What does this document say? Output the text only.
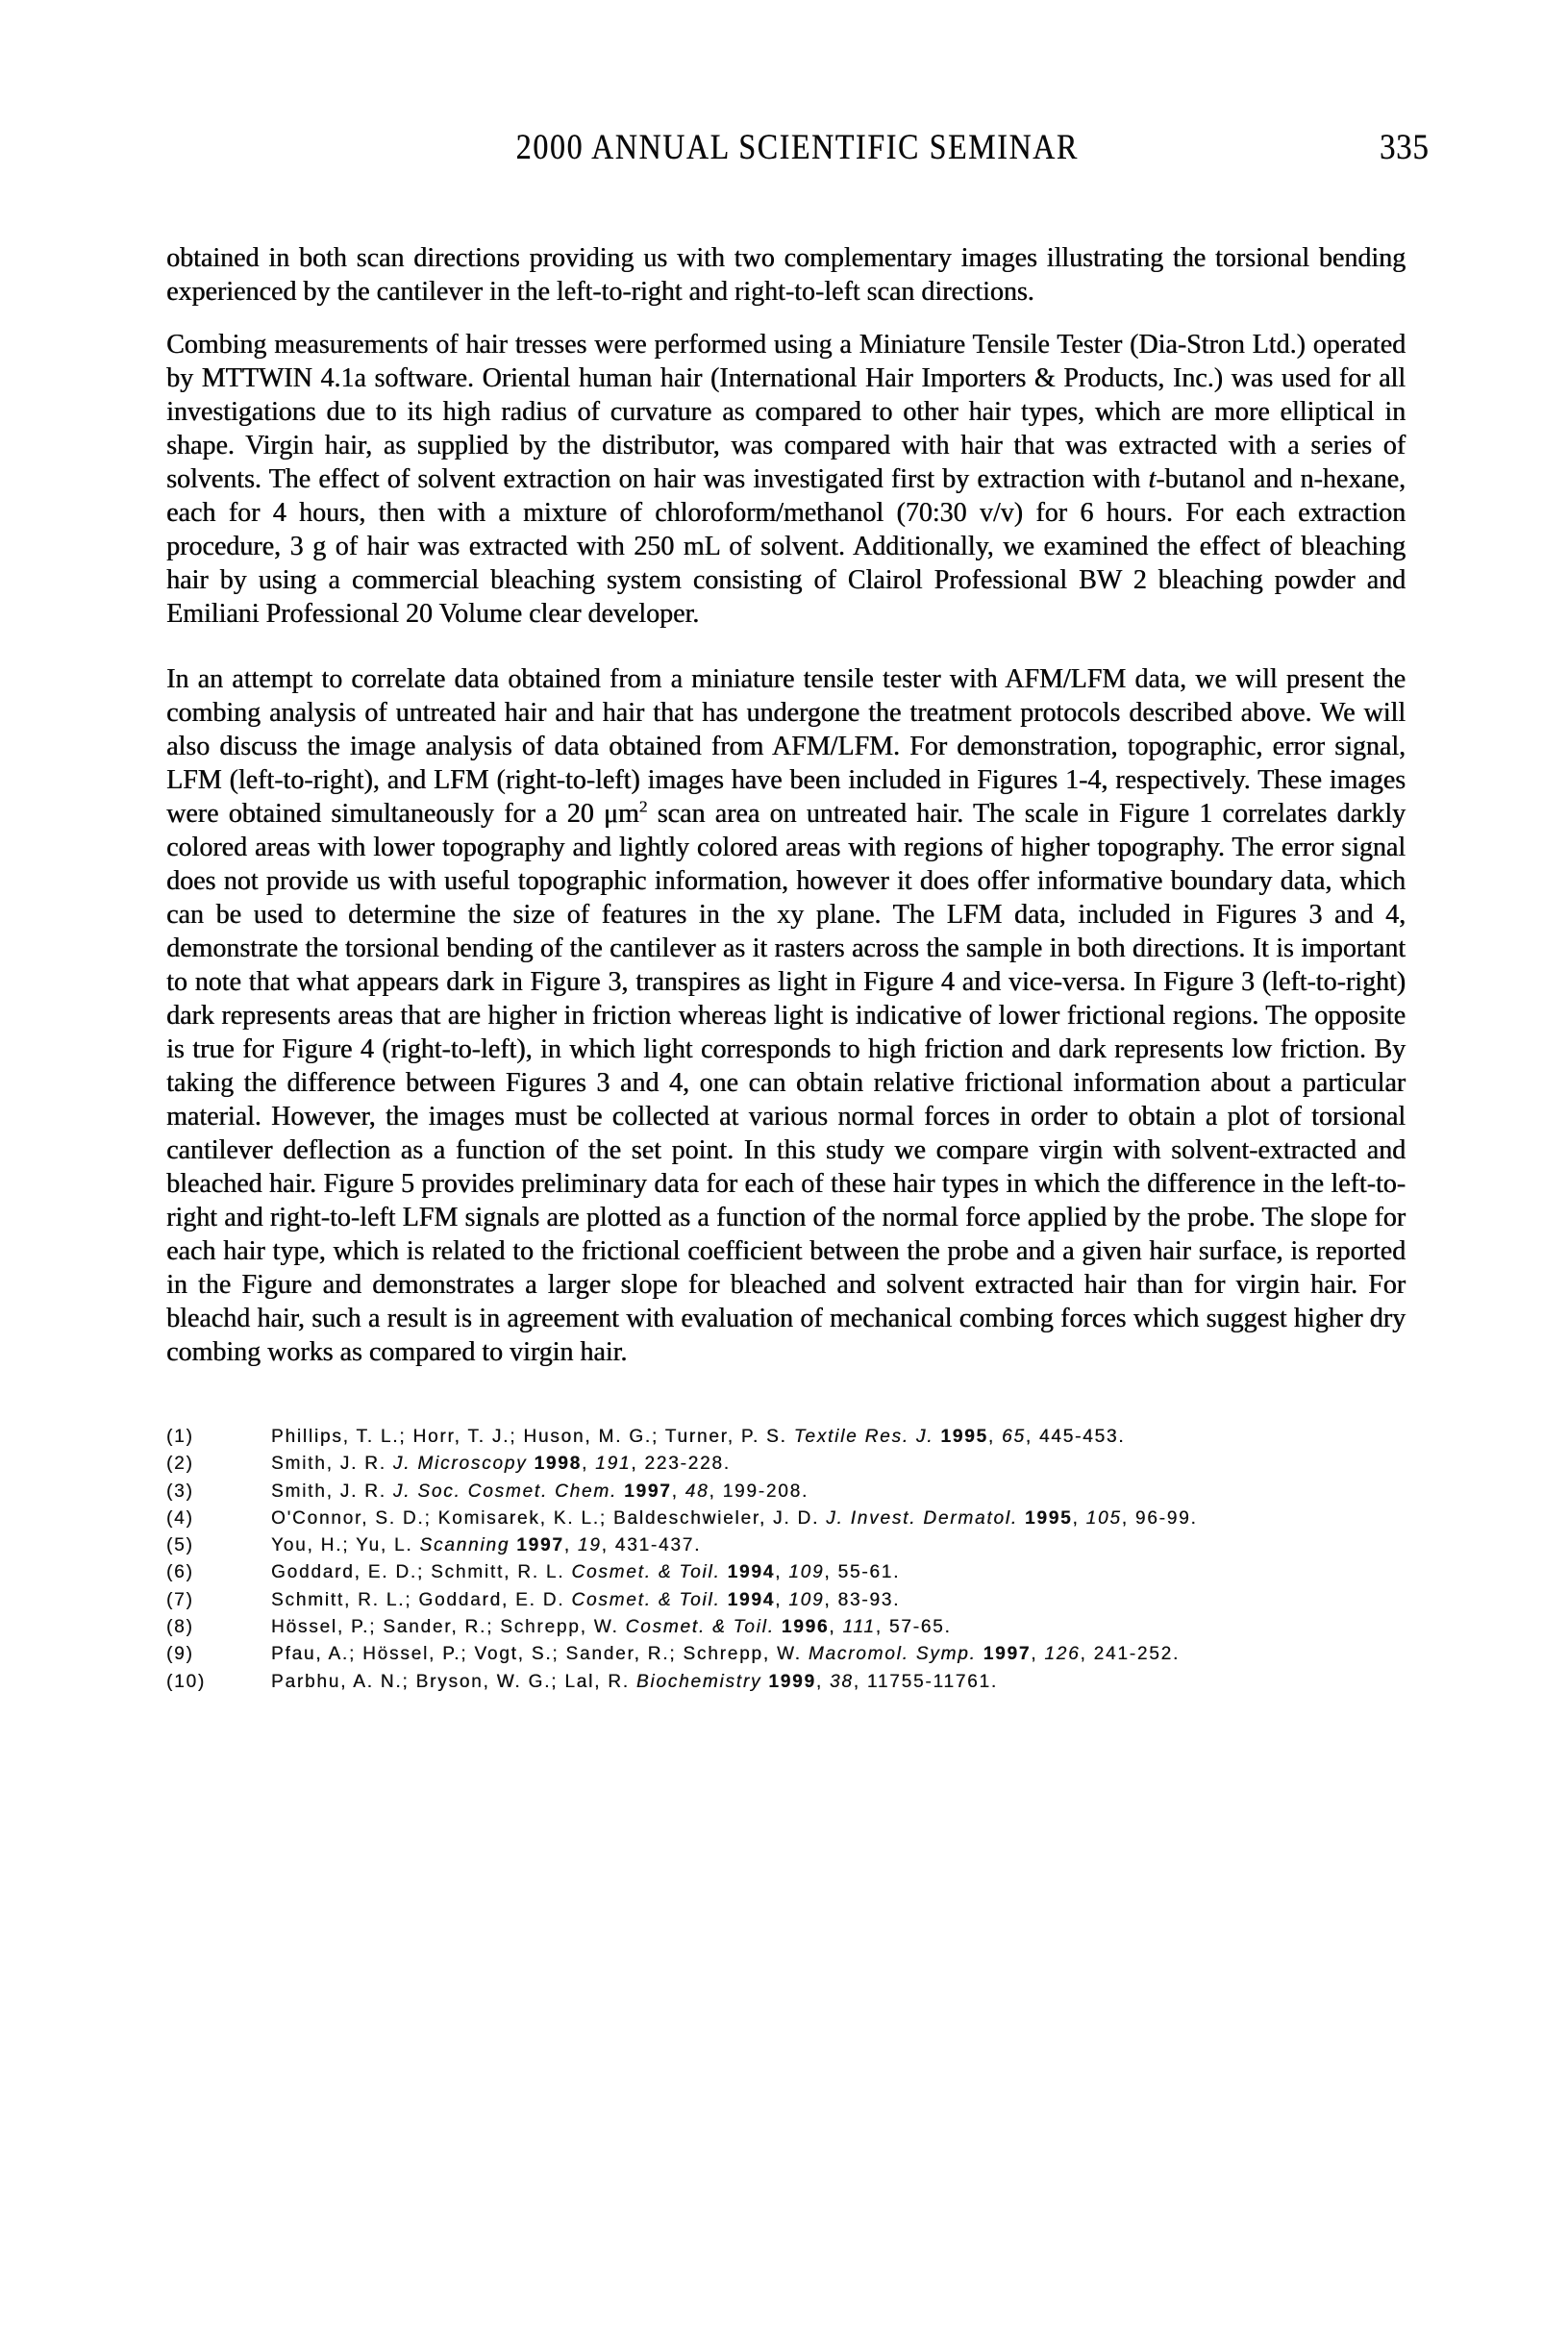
2000 ANNUAL SCIENTIFIC SEMINAR	335

obtained in both scan directions providing us with two complementary images illustrating the torsional bending experienced by the cantilever in the left-to-right and right-to-left scan directions.

Combing measurements of hair tresses were performed using a Miniature Tensile Tester (Dia-Stron Ltd.) operated by MTTWIN 4.1a software. Oriental human hair (International Hair Importers & Products, Inc.) was used for all investigations due to its high radius of curvature as compared to other hair types, which are more elliptical in shape. Virgin hair, as supplied by the distributor, was compared with hair that was extracted with a series of solvents. The effect of solvent extraction on hair was investigated first by extraction with t-butanol and n-hexane, each for 4 hours, then with a mixture of chloroform/methanol (70:30 v/v) for 6 hours. For each extraction procedure, 3 g of hair was extracted with 250 mL of solvent. Additionally, we examined the effect of bleaching hair by using a commercial bleaching system consisting of Clairol Professional BW 2 bleaching powder and Emiliani Professional 20 Volume clear developer.

In an attempt to correlate data obtained from a miniature tensile tester with AFM/LFM data, we will present the combing analysis of untreated hair and hair that has undergone the treatment protocols described above. We will also discuss the image analysis of data obtained from AFM/LFM. For demonstration, topographic, error signal, LFM (left-to-right), and LFM (right-to-left) images have been included in Figures 1-4, respectively. These images were obtained simultaneously for a 20 $\mu m^2$ scan area on untreated hair. The scale in Figure 1 correlates darkly colored areas with lower topography and lightly colored areas with regions of higher topography. The error signal does not provide us with useful topographic information, however it does offer informative boundary data, which can be used to determine the size of features in the xy plane. The LFM data, included in Figures 3 and 4, demonstrate the torsional bending of the cantilever as it rasters across the sample in both directions. It is important to note that what appears dark in Figure 3, transpires as light in Figure 4 and vice-versa. In Figure 3 (left-to-right) dark represents areas that are higher in friction whereas light is indicative of lower frictional regions. The opposite is true for Figure 4 (right-to-left), in which light corresponds to high friction and dark represents low friction. By taking the difference between Figures 3 and 4, one can obtain relative frictional information about a particular material. However, the images must be collected at various normal forces in order to obtain a plot of torsional cantilever deflection as a function of the set point. In this study we compare virgin with solvent-extracted and bleached hair. Figure 5 provides preliminary data for each of these hair types in which the difference in the left-to-right and right-to-left LFM signals are plotted as a function of the normal force applied by the probe. The slope for each hair type, which is related to the frictional coefficient between the probe and a given hair surface, is reported in the Figure and demonstrates a larger slope for bleached and solvent extracted hair than for virgin hair. For bleachd hair, such a result is in agreement with evaluation of mechanical combing forces which suggest higher dry combing works as compared to virgin hair.

(1)	Phillips, T. L.; Horr, T. J.; Huson, M. G.; Turner, P. S. Textile Res. J. 1995, 65, 445-453.
(2)	Smith, J. R. J. Microscopy 1998, 191, 223-228.
(3)	Smith, J. R. J. Soc. Cosmet. Chem. 1997, 48, 199-208.
(4)	O'Connor, S. D.; Komisarek, K. L.; Baldeschwieler, J. D. J. Invest. Dermatol. 1995, 105, 96-99.
(5)	You, H.; Yu, L. Scanning 1997, 19, 431-437.
(6)	Goddard, E. D.; Schmitt, R. L. Cosmet. & Toil. 1994, 109, 55-61.
(7)	Schmitt, R. L.; Goddard, E. D. Cosmet. & Toil. 1994, 109, 83-93.
(8)	Hössel, P.; Sander, R.; Schrepp, W. Cosmet. & Toil. 1996, 111, 57-65.
(9)	Pfau, A.; Hössel, P.; Vogt, S.; Sander, R.; Schrepp, W. Macromol. Symp. 1997, 126, 241-252.
(10)	Parbhu, A. N.; Bryson, W. G.; Lal, R. Biochemistry 1999, 38, 11755-11761.
